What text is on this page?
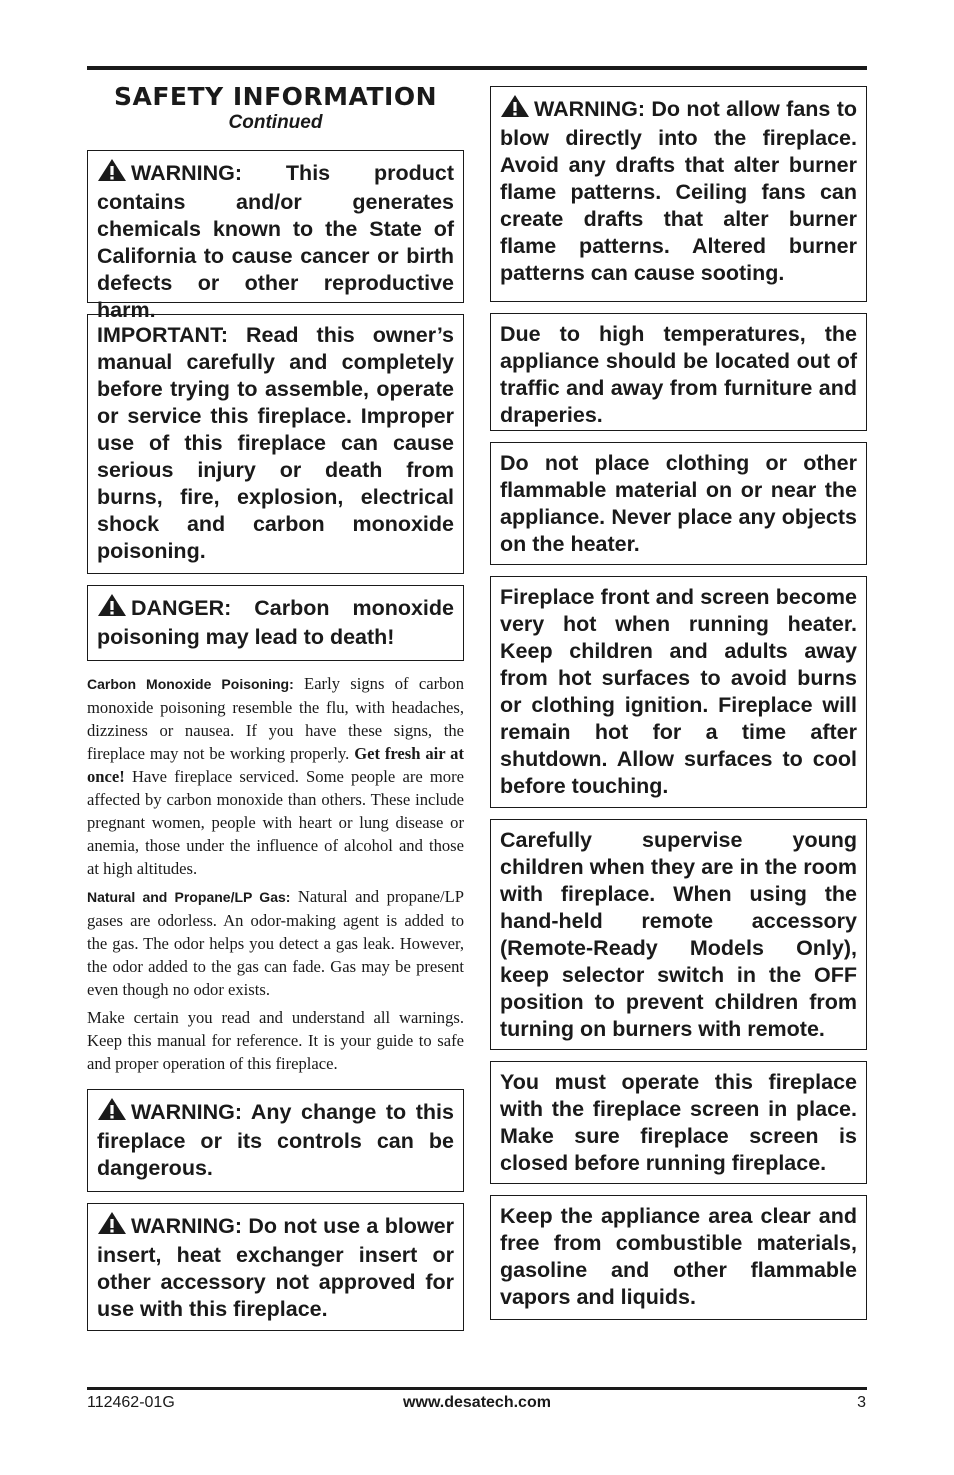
SAFETY INFORMATION

Continued

WARNING: This product contains and/or generates chemicals known to the State of California to cause cancer or birth defects or other reproductive harm.
IMPORTANT: Read this owner’s manual carefully and completely before trying to assemble, operate or service this fireplace. Improper use of this fireplace can cause serious injury or death from burns, fire, explosion, electrical shock and carbon monoxide poisoning.
DANGER: Carbon monoxide poisoning may lead to death!

Carbon Monoxide Poisoning: Early signs of carbon monoxide poisoning resemble the flu, with headaches, dizziness or nausea. If you have these signs, the fireplace may not be working properly. Get fresh air at once! Have fireplace serviced. Some people are more affected by carbon monoxide than others. These include pregnant women, people with heart or lung disease or anemia, those under the influence of alcohol and those at high altitudes.

Natural and Propane/LP Gas: Natural and propane/LP gases are odorless. An odor-making agent is added to the gas. The odor helps you detect a gas leak. However, the odor added to the gas can fade. Gas may be present even though no odor exists.

Make certain you read and understand all warnings. Keep this manual for reference. It is your guide to safe and proper operation of this fireplace.

WARNING: Any change to this fireplace or its controls can be dangerous.
WARNING: Do not use a blower insert, heat exchanger insert or other accessory not approved for use with this fireplace.
WARNING: Do not allow fans to blow directly into the fireplace. Avoid any drafts that alter burner flame patterns. Ceiling fans can create drafts that alter burner flame patterns. Altered burner patterns can cause sooting.
Due to high temperatures, the appliance should be located out of traffic and away from furniture and draperies.
Do not place clothing or other flammable material on or near the appliance. Never place any objects on the heater.
Fireplace front and screen become very hot when running heater. Keep children and adults away from hot surfaces to avoid burns or clothing ignition. Fireplace will remain hot for a time after shutdown. Allow surfaces to cool before touching.
Carefully supervise young children when they are in the room with fireplace. When using the hand-held remote accessory (Remote-Ready Models Only), keep selector switch in the OFF position to prevent children from turning on burners with remote.
You must operate this fireplace with the fireplace screen in place. Make sure fireplace screen is closed before running fireplace.
Keep the appliance area clear and free from combustible materials, gasoline and other flammable vapors and liquids.
112462-01G	www.desatech.com	3
